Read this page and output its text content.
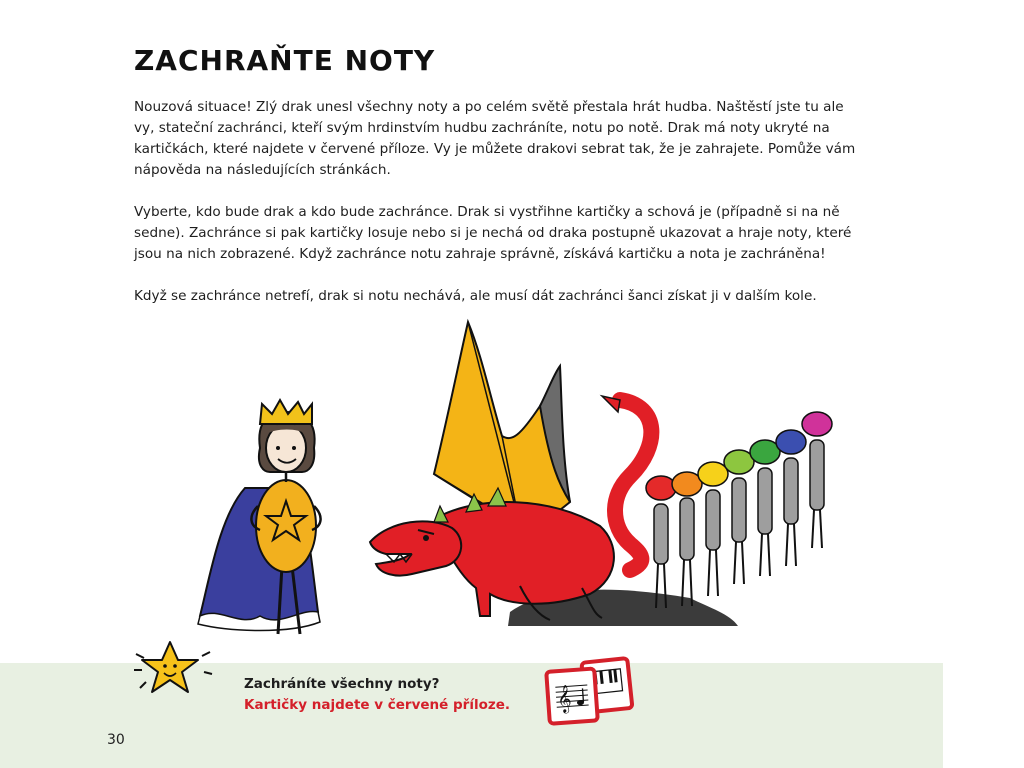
ZACHRAŇTE NOTY

Nouzová situace! Zlý drak unesl všechny noty a po celém světě přestala hrát hudba. Naštěstí jste tu ale vy, stateční zachránci, kteří svým hrdinstvím hudbu zachráníte, notu po notě. Drak má noty ukryté na kartičkách, které najdete v červené příloze. Vy je můžete drakovi sebrat tak, že je zahrajete. Pomůže vám nápověda na následujících stránkách.

Vyberte, kdo bude drak a kdo bude zachránce. Drak si vystřihne kartičky a schová je (případně si na ně sedne). Zachránce si pak kartičky losuje nebo si je nechá od draka postupně ukazovat a hraje noty, které jsou na nich zobrazené. Když zachránce notu zahraje správně, získává kartičku a nota je zachráněna!

Když se zachránce netrefí, drak si notu nechává, ale musí dát zachránci šanci získat ji v dalším kole.

Zachráníte všechny noty?
Kartičky najdete v červené příloze. 𝄞
30
